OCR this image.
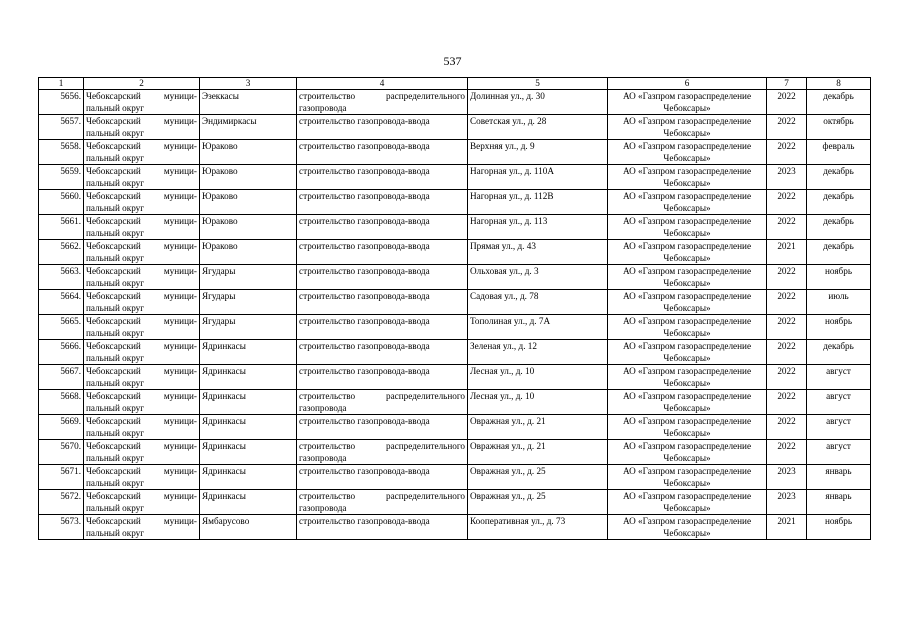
537
1	2	3	4	5	6	7	8
5656.	Чебоксарский муници-пальный округ	Эзеккасы	строительство распределительного газопровода	Долинная ул., д. 30	АО «Газпром газораспределение Чебоксары»	2022	декабрь
5657.	Чебоксарский муници-пальный округ	Эндимиркасы	строительство газопровода-ввода	Советская ул., д. 28	АО «Газпром газораспределение Чебоксары»	2022	октябрь
5658.	Чебоксарский муници-пальный округ	Юраково	строительство газопровода-ввода	Верхняя ул., д. 9	АО «Газпром газораспределение Чебоксары»	2022	февраль
5659.	Чебоксарский муници-пальный округ	Юраково	строительство газопровода-ввода	Нагорная ул., д. 110А	АО «Газпром газораспределение Чебоксары»	2023	декабрь
5660.	Чебоксарский муници-пальный округ	Юраково	строительство газопровода-ввода	Нагорная ул., д. 112В	АО «Газпром газораспределение Чебоксары»	2022	декабрь
5661.	Чебоксарский муници-пальный округ	Юраково	строительство газопровода-ввода	Нагорная ул., д. 113	АО «Газпром газораспределение Чебоксары»	2022	декабрь
5662.	Чебоксарский муници-пальный округ	Юраково	строительство газопровода-ввода	Прямая ул., д. 43	АО «Газпром газораспределение Чебоксары»	2021	декабрь
5663.	Чебоксарский муници-пальный округ	Ягудары	строительство газопровода-ввода	Ольховая ул., д. 3	АО «Газпром газораспределение Чебоксары»	2022	ноябрь
5664.	Чебоксарский муници-пальный округ	Ягудары	строительство газопровода-ввода	Садовая ул., д. 78	АО «Газпром газораспределение Чебоксары»	2022	июль
5665.	Чебоксарский муници-пальный округ	Ягудары	строительство газопровода-ввода	Тополиная ул., д. 7А	АО «Газпром газораспределение Чебоксары»	2022	ноябрь
5666.	Чебоксарский муници-пальный округ	Ядринкасы	строительство газопровода-ввода	Зеленая ул., д. 12	АО «Газпром газораспределение Чебоксары»	2022	декабрь
5667.	Чебоксарский муници-пальный округ	Ядринкасы	строительство газопровода-ввода	Лесная ул., д. 10	АО «Газпром газораспределение Чебоксары»	2022	август
5668.	Чебоксарский муници-пальный округ	Ядринкасы	строительство распределительного газопровода	Лесная ул., д. 10	АО «Газпром газораспределение Чебоксары»	2022	август
5669.	Чебоксарский муници-пальный округ	Ядринкасы	строительство газопровода-ввода	Овражная ул., д. 21	АО «Газпром газораспределение Чебоксары»	2022	август
5670.	Чебоксарский муници-пальный округ	Ядринкасы	строительство распределительного газопровода	Овражная ул., д. 21	АО «Газпром газораспределение Чебоксары»	2022	август
5671.	Чебоксарский муници-пальный округ	Ядринкасы	строительство газопровода-ввода	Овражная ул., д. 25	АО «Газпром газораспределение Чебоксары»	2023	январь
5672.	Чебоксарский муници-пальный округ	Ядринкасы	строительство распределительного газопровода	Овражная ул., д. 25	АО «Газпром газораспределение Чебоксары»	2023	январь
5673.	Чебоксарский муници-пальный округ	Ямбарусово	строительство газопровода-ввода	Кооперативная ул., д. 73	АО «Газпром газораспределение Чебоксары»	2021	ноябрь
